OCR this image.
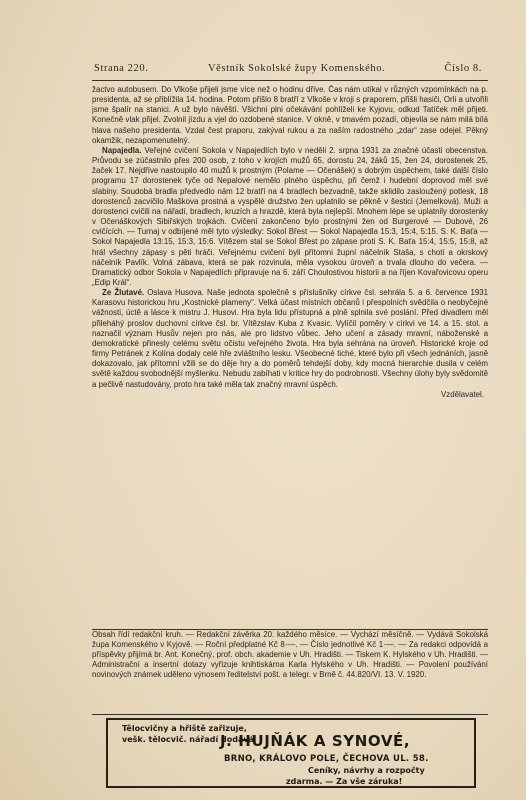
Strana 220.	Věstník Sokolské župy Komenského.	Číslo 8.

žactvo autobusem. Do Vlkoše přijeli jsme více než o hodinu dříve. Čas nám utíkal v různých vzpomínkách na p. presidenta, až se přiblížila 14. hodina. Potom přišlo 8 bratří z Vlkoše v kroji s praporem, přišli hasiči, Orli a utvořili jsme špalír na stanici. A už bylo návěští. Všichni plni očekávání pohlíželi ke Kyjovu, odkud Tatíček měl přijeti. Konečně vlak přijel. Zvolnil jízdu a vjel do ozdobené stanice. V okně, v tmavém pozadí, objevila se nám milá bílá hlava našeho presidenta. Vzdal čest praporu, zakýval rukou a za naším radostného „zdar“ zase odejel. Pěkný okamžik, nezapomenutelný.

Napajedla. Veřejné cvičení Sokola v Napajedlích bylo v neděli 2. srpna 1931 za značné účasti obecenstva. Průvodu se zúčastnilo přes 200 osob, z toho v krojích mužů 65, dorostu 24, žáků 15, žen 24, dorostenek 25, žaček 17. Nejdříve nastoupilo 40 mužů k prostným (Polame — Očenášek) s dobrým úspěchem, také další číslo programu 17 dorostenek tyče od Nepalové nemělo plného úspěchu, při čemž i hudební doprovod měl své slabiny. Soudobá bradla předvedlo nám 12 bratří na 4 bradlech bezvadně, takže sklidilo zasloužený potlesk, 18 dorostenců zacvičilo Maškova prostná a vyspělé družstvo žen uplatnilo se pěkně v šestici (Jemelková). Muži a dorostenci cvičili na nářadí, bradlech, kruzích a hrazdě, která byla nejlepší. Mnohem lépe se uplatnily dorostenky v Očenáškových Sibiřských trojkách. Cvičení zakončeno bylo prostnými žen od Burgerové — Dubové, 26 cvičících. — Turnaj v odbíjené měl tyto výsledky: Sokol Břest — Sokol Napajedla 15:3, 15:4, 5:15. S. K. Baťa — Sokol Napajedla 13:15, 15:3, 15:6. Vítězem stal se Sokol Břest po zápase proti S. K. Baťa 15:4, 15:5, 15:8, až hrál všechny zápasy s pěti hráči. Veřejnému cvičení byli přítomni župní náčelník Staša, s chotí a okrskový náčelník Pavlík. Volná zábava, která se pak rozvinula, měla vysokou úroveň a trvala dlouho do večera. — Dramatický odbor Sokola v Napajedlích připravuje na 6. září Choulostivou historii a na říjen Kovařovicovu operu „Edip Král“.

Ze Žlutavé. Oslava Husova. Naše jednota společně s příslušníky církve čsl. sehrála 5. a 6. července 1931 Karasovu historickou hru „Kostnické plameny“. Velká účast místních občanů i přespolních svědčila o neobyčejné vážnosti, úctě a lásce k mistru J. Husovi. Hra byla lidu přístupná a plně splnila své poslání. Před divadlem měl přileháhý proslov duchovní církve čsl. br. Vítězslav Kuba z Kvasic. Vylíčil poměry v církvi ve 14. a 15. stol. a naznačil význam Husův nejen pro nás, ale pro lidstvo vůbec. Jeho učení a zásady mravní, náboženské a demokratické přinesly celému světu očistu veřejného života. Hra byla sehrána na úroveň. Historické kroje od firmy Petránek z Kolína dodaly celé hře zvláštního lesku. Všeobecné tiché, které bylo při všech jednáních, jasně dokazovalo, jak přítomní vžili se do děje hry a do poměrů tehdejší doby, kdy mocná hierarchie dusila v celém světě každou svobodnější myšlenku. Nebudu zabíhati v kritice hry do podrobností. Všechny úlohy byly svědomitě a pečlivě nastudovány, proto hra také měla tak značný mravní úspěch.

Vzdělavatel.

Obsah řídí redakční kruh. — Redakční závěrka 20. každého měsíce. — Vychází měsíčně. — Vydává Sokolská župa Komenského v Kyjově. — Roční předplatné Kč 8·—. — Číslo jednotlivé Kč 1·—. — Za redakci odpovídá a příspěvky přijímá br. Ant. Konečný, prof. obch. akademie v Uh. Hradišti. — Tiskem K. Hylského v Uh. Hradišti. — Administrační a insertní dotazy vyřizuje knihtiskárna Karla Hylského v Uh. Hradišti. — Povolení používání novinových známek uděleno výnosem ředitelství pošt. a telegr. v Brně č. 44.820/VI. 13. V. 1920.

Tělocvičny a hřiště zařizuje,
vešk. tělocvič. nářadí dodává
J. HUJŇÁK A SYNOVÉ,
BRNO, KRÁLOVO POLE, ČECHOVA UL. 58.
Ceníky, návrhy a rozpočty
zdarma. — Za vše záruka!
